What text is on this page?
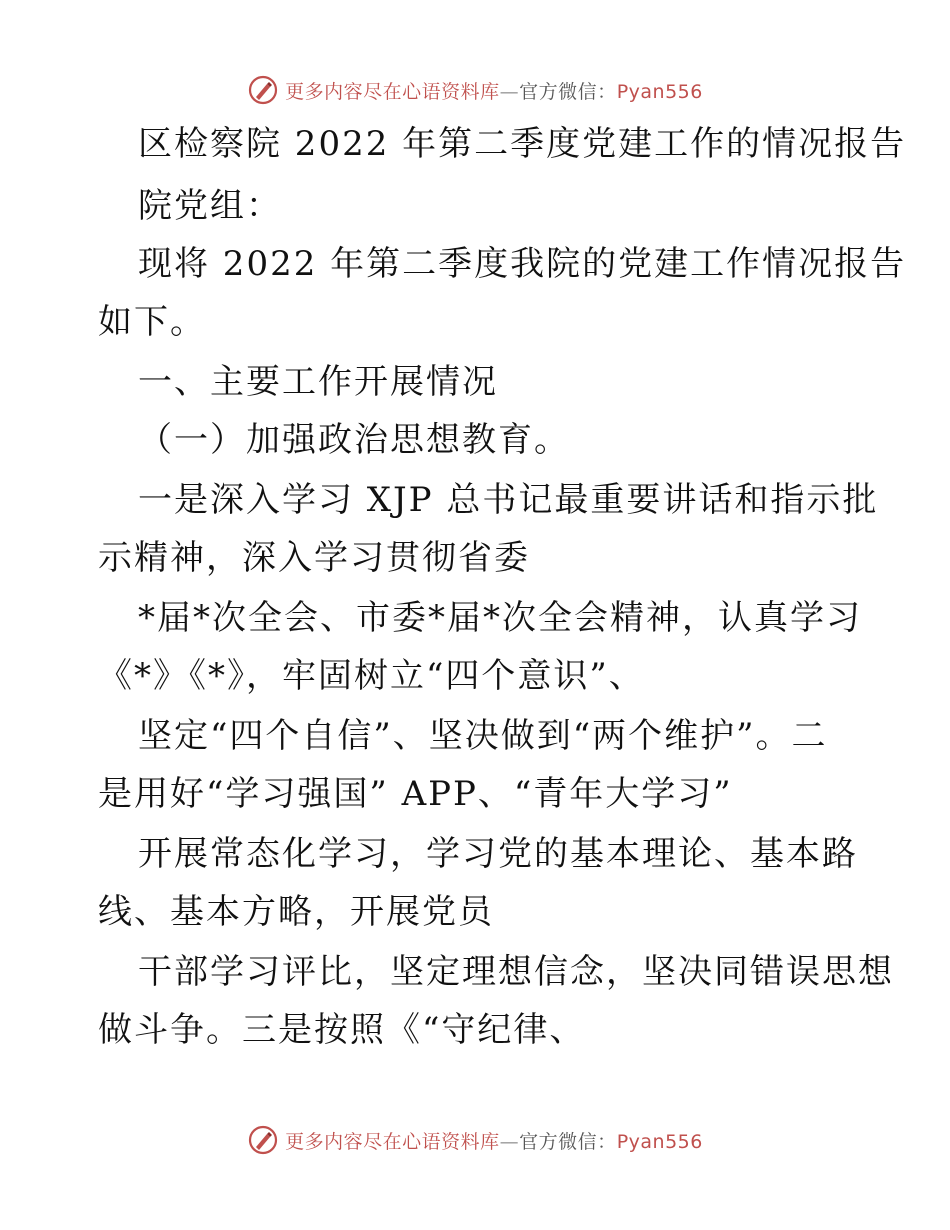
更多内容尽在心语资料库—官方微信：Pyan556
区检察院 2022 年第二季度党建工作的情况报告
院党组：
现将 2022 年第二季度我院的党建工作情况报告
如下。
一、主要工作开展情况
（一）加强政治思想教育。
一是深入学习 XJP 总书记最重要讲话和指示批
示精神，深入学习贯彻省委
*届*次全会、市委*届*次全会精神，认真学习
《*》《*》，牢固树立“四个意识”、
坚定“四个自信”、坚决做到“两个维护”。二
是用好“学习强国” APP、“青年大学习”
开展常态化学习，学习党的基本理论、基本路
线、基本方略，开展党员
干部学习评比，坚定理想信念，坚决同错误思想
做斗争。三是按照《“守纪律、
更多内容尽在心语资料库—官方微信：Pyan556
